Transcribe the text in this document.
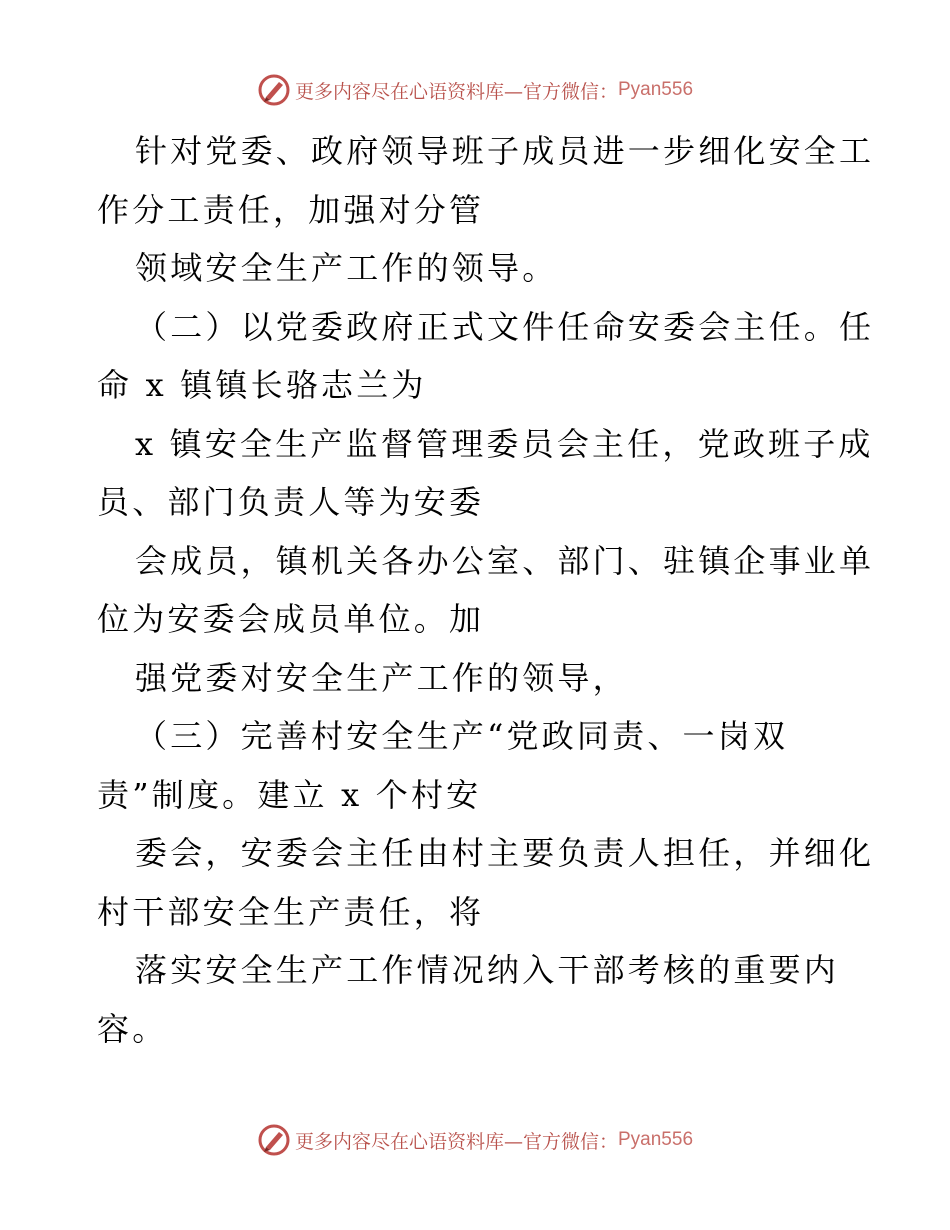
更多内容尽在心语资料库—官方微信： Pyan556
针对党委、政府领导班子成员进一步细化安全工
作分工责任，加强对分管
领域安全生产工作的领导。
（二）以党委政府正式文件任命安委会主任。任
命 x 镇镇长骆志兰为
x 镇安全生产监督管理委员会主任，党政班子成
员、部门负责人等为安委
会成员，镇机关各办公室、部门、驻镇企事业单
位为安委会成员单位。加
强党委对安全生产工作的领导，
（三）完善村安全生产“党政同责、一岗双
责”制度。建立 x 个村安
委会，安委会主任由村主要负责人担任，并细化
村干部安全生产责任，将
落实安全生产工作情况纳入干部考核的重要内
容。
更多内容尽在心语资料库—官方微信： Pyan556
